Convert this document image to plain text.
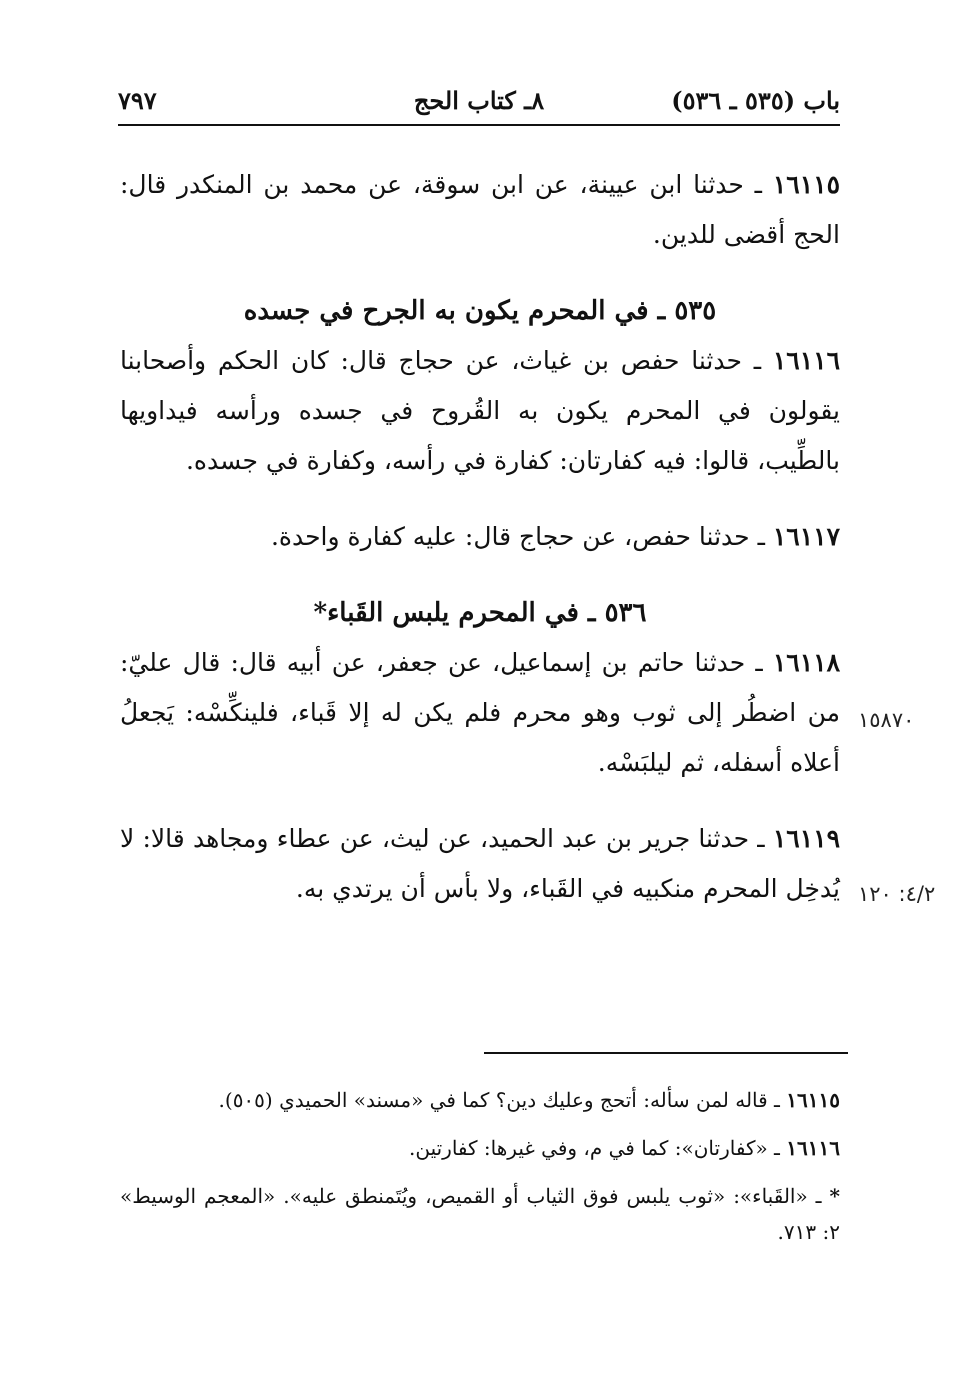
باب (٥٣٥ ـ ٥٣٦)
٨ـ كتاب الحج
٧٩٧

١٦١١٥ ـ حدثنا ابن عيينة، عن ابن سوقة، عن محمد بن المنكدر قال: الحج أقضى للدين.

٥٣٥ ـ في المحرم يكون به الجرح في جسده

١٦١١٦ ـ حدثنا حفص بن غياث، عن حجاج قال: كان الحكم وأصحابنا يقولون في المحرم يكون به القُروح في جسده ورأسه فيداويها بالطِّيب، قالوا: فيه كفارتان: كفارة في رأسه، وكفارة في جسده.

١٦١١٧ ـ حدثنا حفص، عن حجاج قال: عليه كفارة واحدة.

٥٣٦ ـ في المحرم يلبس القَباء*

١٦١١٨ ـ حدثنا حاتم بن إسماعيل، عن جعفر، عن أبيه قال: قال عليّ: من اضطُر إلى ثوب وهو محرم فلم يكن له إلا قَباء، فلينكِّسْه: يَجعلُ أعلاه أسفله، ثم ليلبَسْه.

١٦١١٩ ـ حدثنا جرير بن عبد الحميد، عن ليث، عن عطاء ومجاهد قالا: لا يُدخِل المحرم منكبيه في القَباء، ولا بأس أن يرتدي به.

١٥٨٧٠
٤/٢: ١٢٠

١٦١١٥ ـ قاله لمن سأله: أتحج وعليك دين؟ كما في «مسند» الحميدي (٥٠٥).

١٦١١٦ ـ «كفارتان»: كما في م، وفي غيرها: كفارتين.

* ـ «القَباء»: «ثوب يلبس فوق الثياب أو القميص، ويُتَمنطق عليه». «المعجم الوسيط» ٢: ٧١٣.
